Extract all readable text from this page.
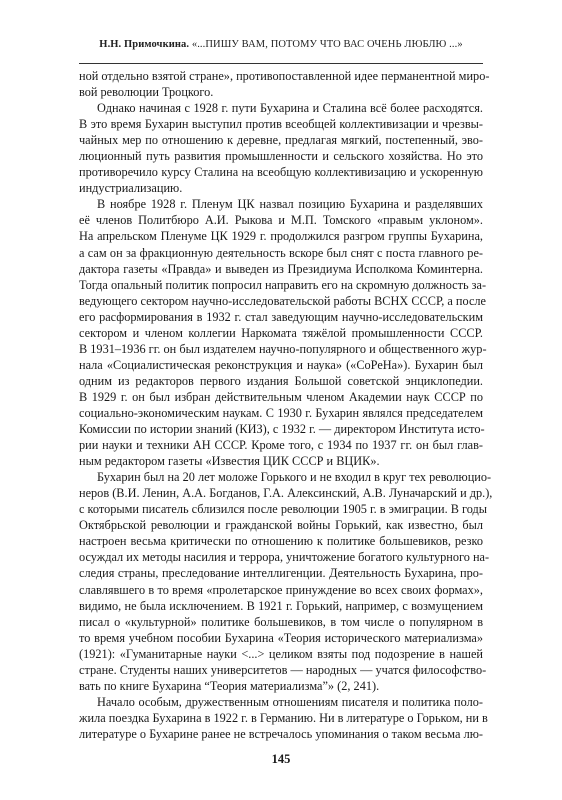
Н.Н. Примочкина. «...ПИШУ ВАМ, ПОТОМУ ЧТО ВАС ОЧЕНЬ ЛЮБЛЮ ...»
ной отдельно взятой стране», противопоставленной идее перманентной миро-
вой революции Троцкого.
Однако начиная с 1928 г. пути Бухарина и Сталина всё более расходятся.
В это время Бухарин выступил против всеобщей коллективизации и чрезвы-
чайных мер по отношению к деревне, предлагая мягкий, постепенный, эво-
люционный путь развития промышленности и сельского хозяйства. Но это
противоречило курсу Сталина на всеобщую коллективизацию и ускоренную
индустриализацию.
В ноябре 1928 г. Пленум ЦК назвал позицию Бухарина и разделявших
её членов Политбюро А.И. Рыкова и М.П. Томского «правым уклоном».
На апрельском Пленуме ЦК 1929 г. продолжился разгром группы Бухарина,
а сам он за фракционную деятельность вскоре был снят с поста главного ре-
дактора газеты «Правда» и выведен из Президиума Исполкома Коминтерна.
Тогда опальный политик попросил направить его на скромную должность за-
ведующего сектором научно-исследовательской работы ВСНХ СССР, а после
его расформирования в 1932 г. стал заведующим научно-исследовательским
сектором и членом коллегии Наркомата тяжёлой промышленности СССР.
В 1931–1936 гг. он был издателем научно-популярного и общественного жур-
нала «Социалистическая реконструкция и наука» («СоРеНа»). Бухарин был
одним из редакторов первого издания Большой советской энциклопедии.
В 1929 г. он был избран действительным членом Академии наук СССР по
социально-экономическим наукам. С 1930 г. Бухарин являлся председателем
Комиссии по истории знаний (КИЗ), с 1932 г. — директором Института исто-
рии науки и техники АН СССР. Кроме того, с 1934 по 1937 гг. он был глав-
ным редактором газеты «Известия ЦИК СССР и ВЦИК».
Бухарин был на 20 лет моложе Горького и не входил в круг тех революцио-
неров (В.И. Ленин, А.А. Богданов, Г.А. Алексинский, А.В. Луначарский и др.),
с которыми писатель сблизился после революции 1905 г. в эмиграции. В годы
Октябрьской революции и гражданской войны Горький, как известно, был
настроен весьма критически по отношению к политике большевиков, резко
осуждал их методы насилия и террора, уничтожение богатого культурного на-
следия страны, преследование интеллигенции. Деятельность Бухарина, про-
славлявшего в то время «пролетарское принуждение во всех своих формах»,
видимо, не была исключением. В 1921 г. Горький, например, с возмущением
писал о «культурной» политике большевиков, в том числе о популярном в
то время учебном пособии Бухарина «Теория исторического материализма»
(1921): «Гуманитарные науки <...> целиком взяты под подозрение в нашей
стране. Студенты наших университетов — народных — учатся философство-
вать по книге Бухарина “Теория материализма”» (2, 241).
Начало особым, дружественным отношениям писателя и политика поло-
жила поездка Бухарина в 1922 г. в Германию. Ни в литературе о Горьком, ни в
литературе о Бухарине ранее не встречалось упоминания о таком весьма лю-
145
